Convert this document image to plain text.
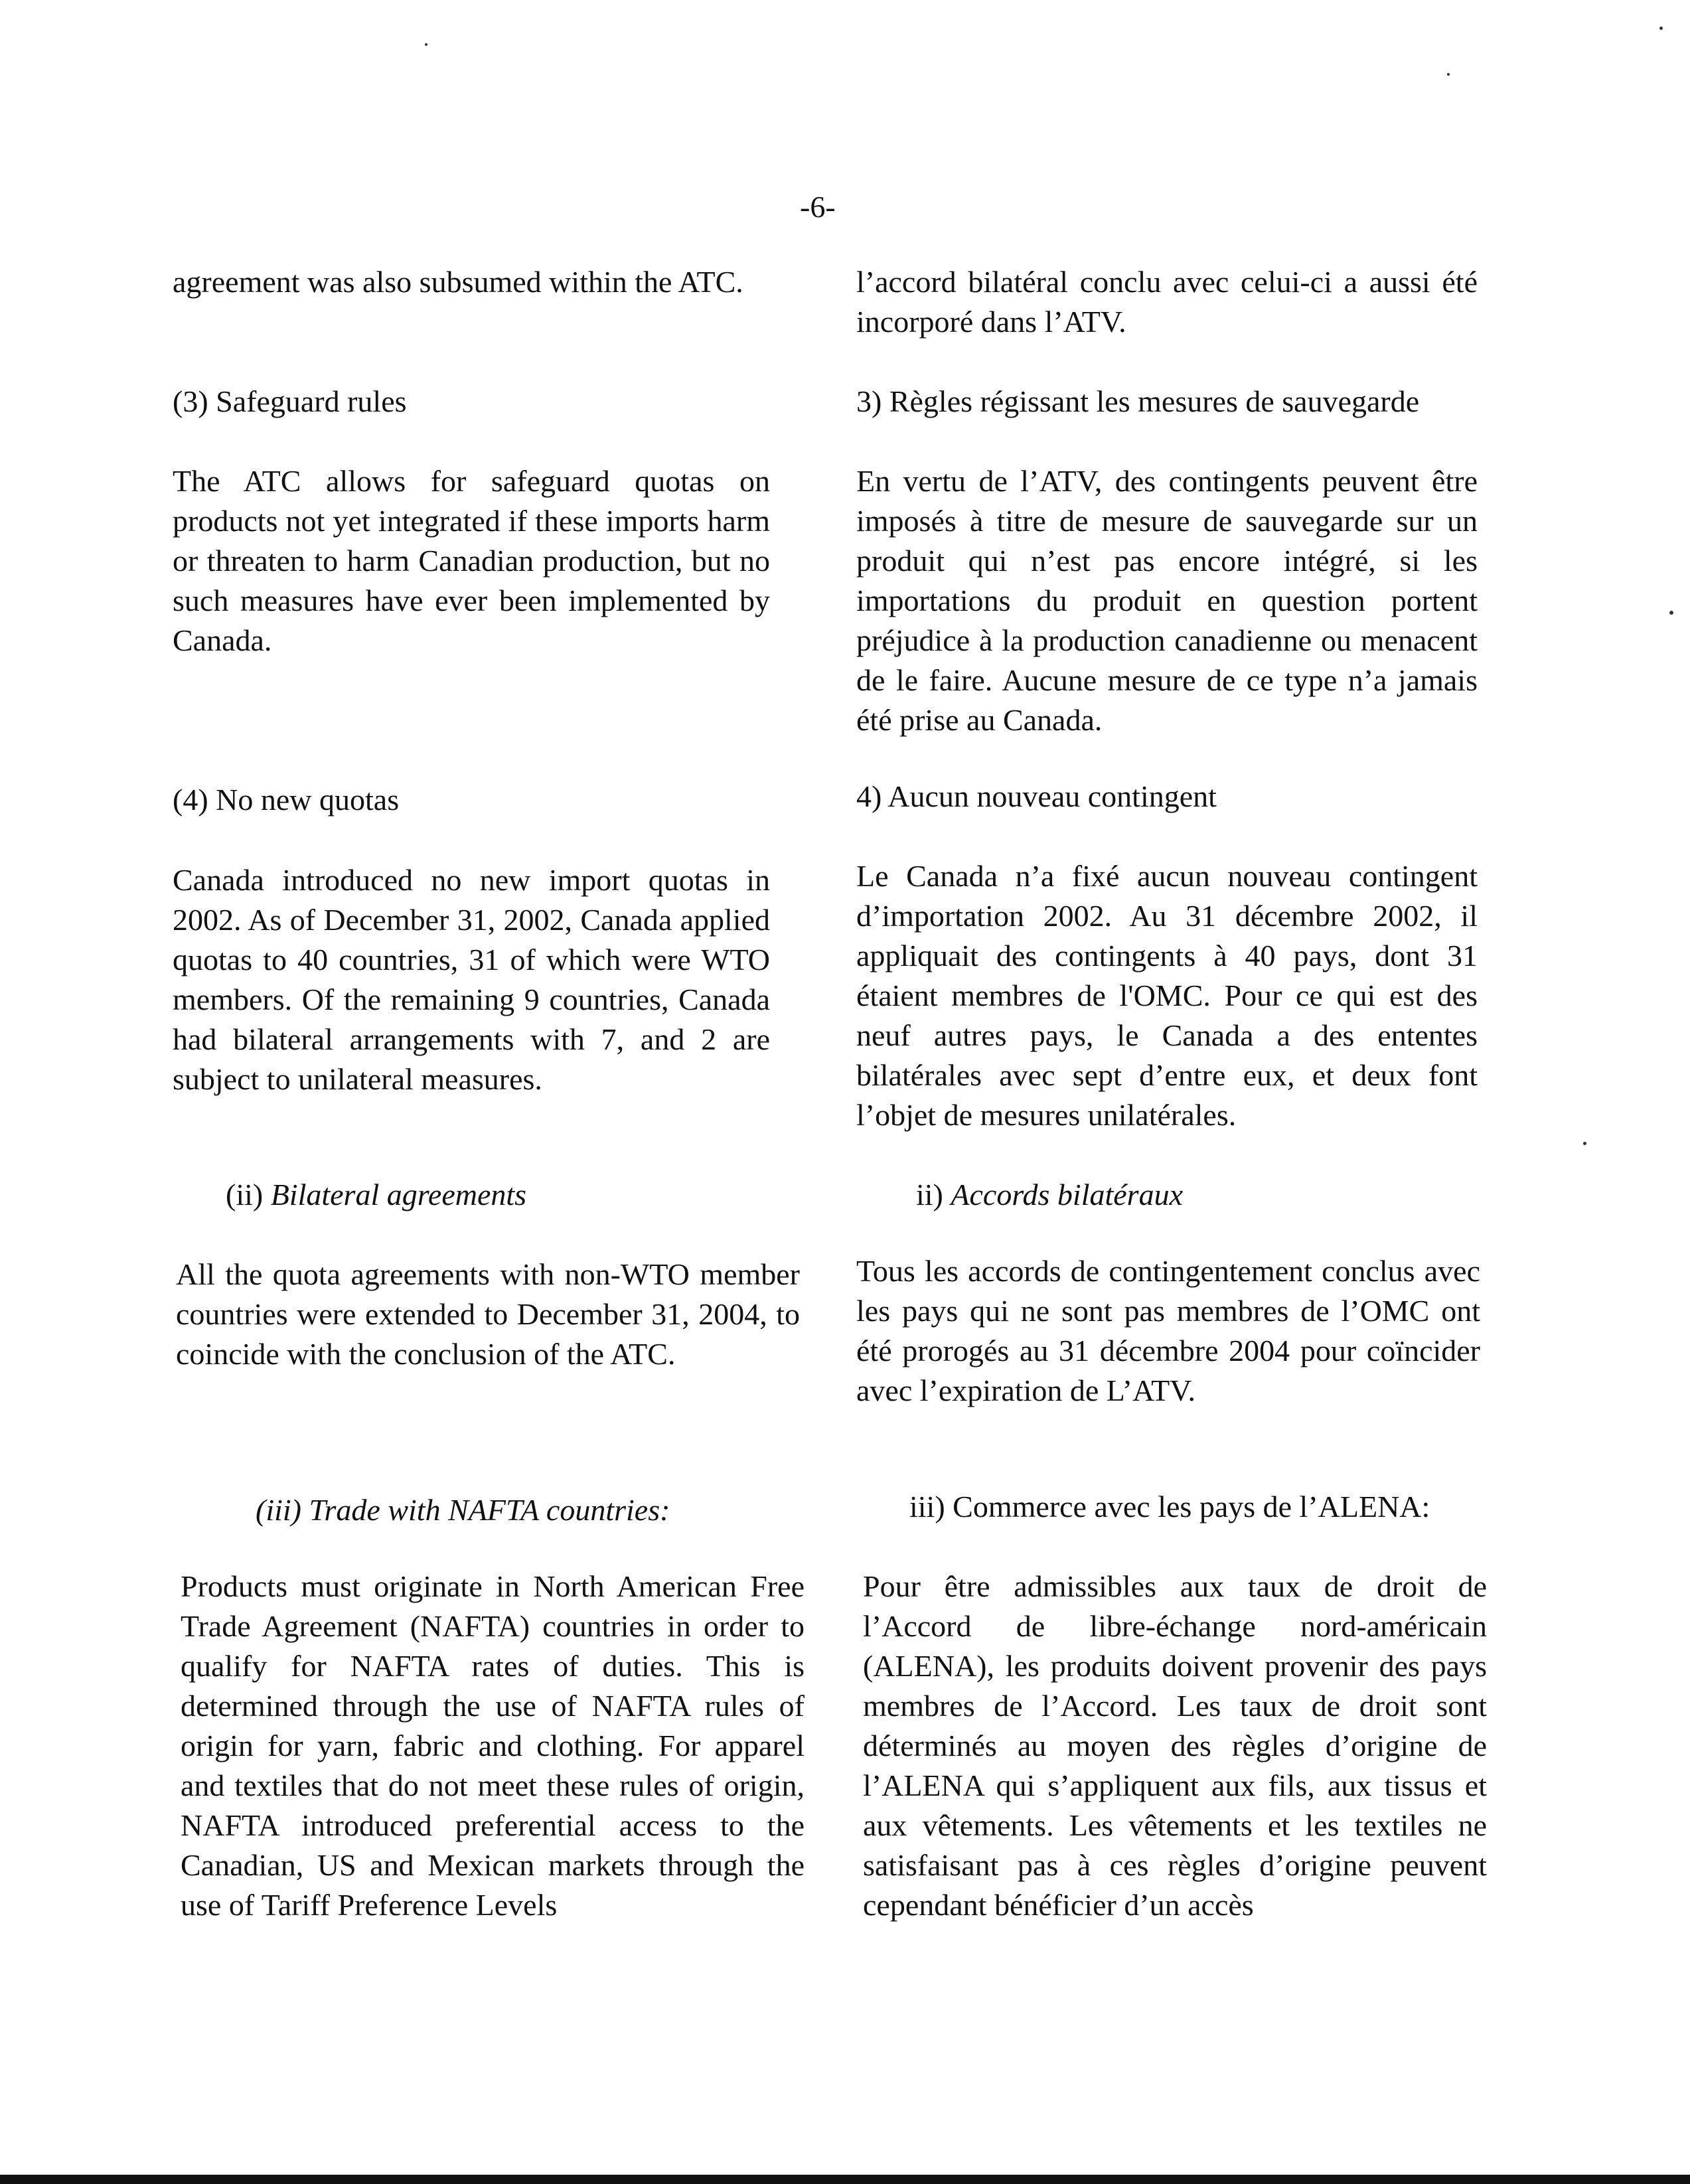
-6-

agreement was also subsumed within the ATC.

(3) Safeguard rules

The ATC allows for safeguard quotas on products not yet integrated if these imports harm or threaten to harm Canadian production, but no such measures have ever been implemented by Canada.

(4) No new quotas

Canada introduced no new import quotas in 2002. As of December 31, 2002, Canada applied quotas to 40 countries, 31 of which were WTO members. Of the remaining 9 countries, Canada had bilateral arrangements with 7, and 2 are subject to unilateral measures.

(ii) Bilateral agreements

All the quota agreements with non-WTO member countries were extended to December 31, 2004, to coincide with the conclusion of the ATC.

(iii) Trade with NAFTA countries:

Products must originate in North American Free Trade Agreement (NAFTA) countries in order to qualify for NAFTA rates of duties. This is determined through the use of NAFTA rules of origin for yarn, fabric and clothing. For apparel and textiles that do not meet these rules of origin, NAFTA introduced preferential access to the Canadian, US and Mexican markets through the use of Tariff Preference Levels

l’accord bilatéral conclu avec celui-ci a aussi été incorporé dans l’ATV.

3) Règles régissant les mesures de sauvegarde

En vertu de l’ATV, des contingents peuvent être imposés à titre de mesure de sauvegarde sur un produit qui n’est pas encore intégré, si les importations du produit en question portent préjudice à la production canadienne ou menacent de le faire. Aucune mesure de ce type n’a jamais été prise au Canada.

4) Aucun nouveau contingent

Le Canada n’a fixé aucun nouveau contingent d’importation 2002. Au 31 décembre 2002, il appliquait des contingents à 40 pays, dont 31 étaient membres de l'OMC. Pour ce qui est des neuf autres pays, le Canada a des ententes bilatérales avec sept d’entre eux, et deux font l’objet de mesures unilatérales.

ii) Accords bilatéraux

Tous les accords de contingentement conclus avec les pays qui ne sont pas membres de l’OMC ont été prorogés au 31 décembre 2004 pour coïncider avec l’expiration de L’ATV.

iii) Commerce avec les pays de l’ALENA:

Pour être admissibles aux taux de droit de l’Accord de libre-échange nord-américain (ALENA), les produits doivent provenir des pays membres de l’Accord. Les taux de droit sont déterminés au moyen des règles d’origine de l’ALENA qui s’appliquent aux fils, aux tissus et aux vêtements. Les vêtements et les textiles ne satisfaisant pas à ces règles d’origine peuvent cependant bénéficier d’un accès
